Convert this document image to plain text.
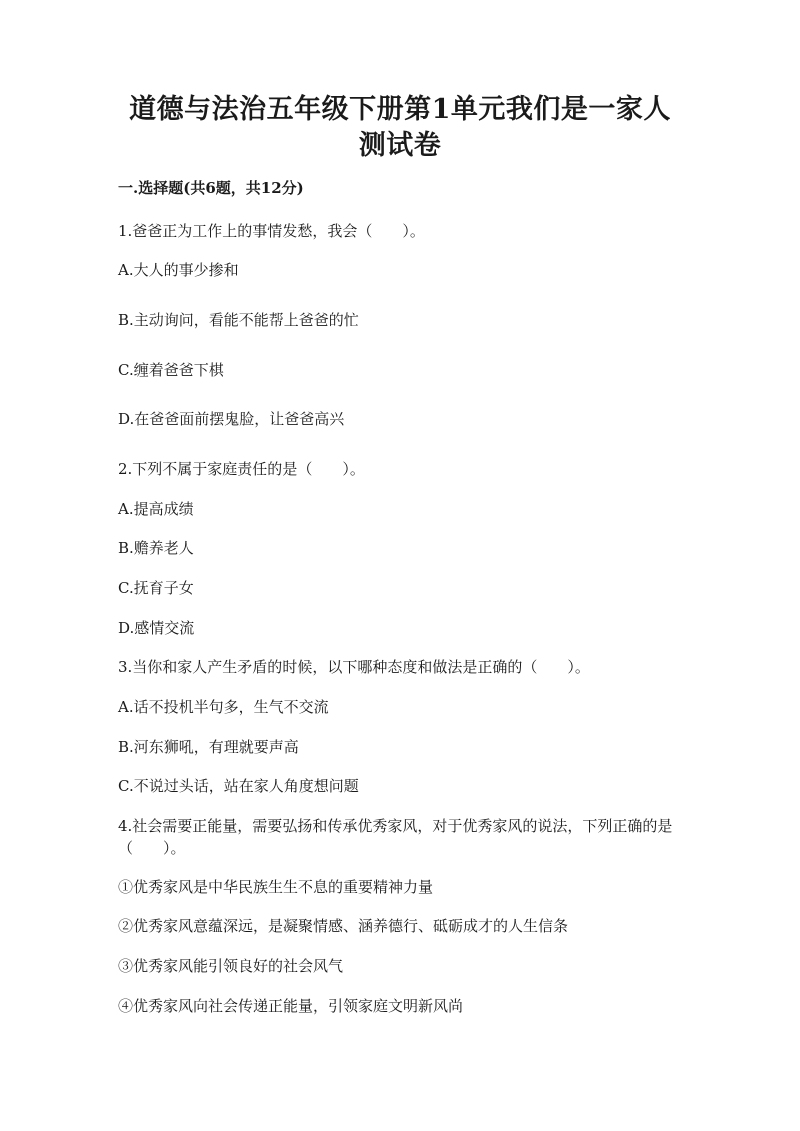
道德与法治五年级下册第1单元我们是一家人测试卷
一.选择题(共6题，共12分)
1.爸爸正为工作上的事情发愁，我会（　　）。
A.大人的事少掺和
B.主动询问，看能不能帮上爸爸的忙
C.缠着爸爸下棋
D.在爸爸面前摆鬼脸，让爸爸高兴
2.下列不属于家庭责任的是（　　）。
A.提高成绩
B.赡养老人
C.抚育子女
D.感情交流
3.当你和家人产生矛盾的时候，以下哪种态度和做法是正确的（　　）。
A.话不投机半句多，生气不交流
B.河东狮吼，有理就要声高
C.不说过头话，站在家人角度想问题
4.社会需要正能量，需要弘扬和传承优秀家风，对于优秀家风的说法，下列正确的是（　　）。
①优秀家风是中华民族生生不息的重要精神力量
②优秀家风意蕴深远，是凝聚情感、涵养德行、砥砺成才的人生信条
③优秀家风能引领良好的社会风气
④优秀家风向社会传递正能量，引领家庭文明新风尚
